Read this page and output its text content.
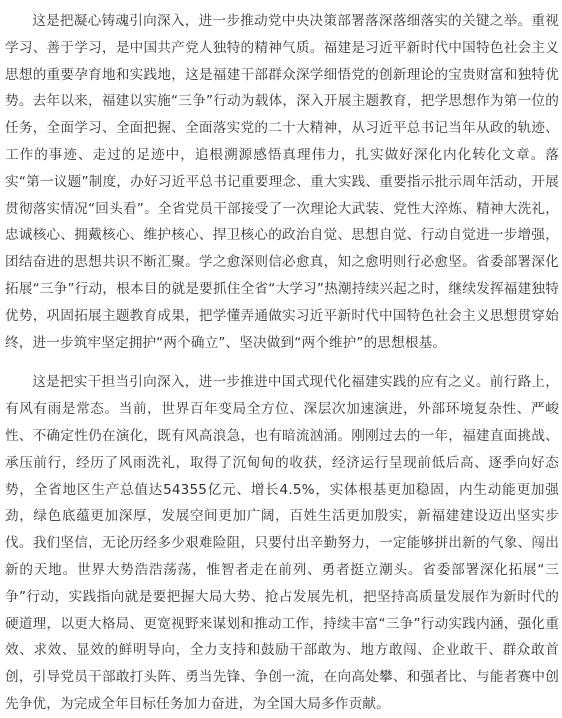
这是把凝心铸魂引向深入，进一步推动党中央决策部署落深落细落实的关键之举。重视学习、善于学习，是中国共产党人独特的精神气质。福建是习近平新时代中国特色社会主义思想的重要孕育地和实践地，这是福建干部群众深学细悟党的创新理论的宝贵财富和独特优势。去年以来，福建以实施“三争”行动为载体，深入开展主题教育，把学思想作为第一位的任务，全面学习、全面把握、全面落实党的二十大精神，从习近平总书记当年从政的轨迹、工作的事迹、走过的足迹中，追根溯源感悟真理伟力，扎实做好深化内化转化文章。落实“第一议题”制度，办好习近平总书记重要理念、重大实践、重要指示批示周年活动，开展贯彻落实情况“回头看”。全省党员干部接受了一次理论大武装、党性大淬炼、精神大洗礼，忠诚核心、拥戴核心、维护核心、捍卫核心的政治自觉、思想自觉、行动自觉进一步增强，团结奋进的思想共识不断汇聚。学之愈深则信必愈真，知之愈明则行必愈坚。省委部署深化拓展“三争”行动，根本目的就是要抓住全省“大学习”热潮持续兴起之时，继续发挥福建独特优势，巩固拓展主题教育成果，把学懂弄通做实习近平新时代中国特色社会主义思想贯穿始终，进一步筑牢坚定拥护“两个确立”、坚决做到“两个维护”的思想根基。

这是把实干担当引向深入，进一步推进中国式现代化福建实践的应有之义。前行路上，有风有雨是常态。当前，世界百年变局全方位、深层次加速演进，外部环境复杂性、严峻性、不确定性仍在演化，既有风高浪急，也有暗流汹涌。刚刚过去的一年，福建直面挑战、承压前行，经历了风雨洗礼，取得了沉甸甸的收获，经济运行呈现前低后高、逐季向好态势，全省地区生产总值达54355亿元、增长4.5%，实体根基更加稳固，内生动能更加强劲，绿色底蕴更加深厚，发展空间更加广阔，百姓生活更加殷实，新福建建设迈出坚实步伐。我们坚信，无论历经多少艰难险阻，只要付出辛勤努力，一定能够拼出新的气象、闯出新的天地。世界大势浩浩荡荡，惟智者走在前列、勇者挺立潮头。省委部署深化拓展“三争”行动，实践指向就是要把握大局大势、抢占发展先机，把坚持高质量发展作为新时代的硬道理，以更大格局、更宽视野来谋划和推动工作，持续丰富“三争”行动实践内涵，强化重效、求效、显效的鲜明导向，全力支持和鼓励干部敢为、地方敢闯、企业敢干、群众敢首创，引导党员干部敢打头阵、勇当先锋、争创一流，在向高处攀、和强者比、与能者赛中创先争优，为完成全年目标任务加力奋进，为全国大局多作贡献。
